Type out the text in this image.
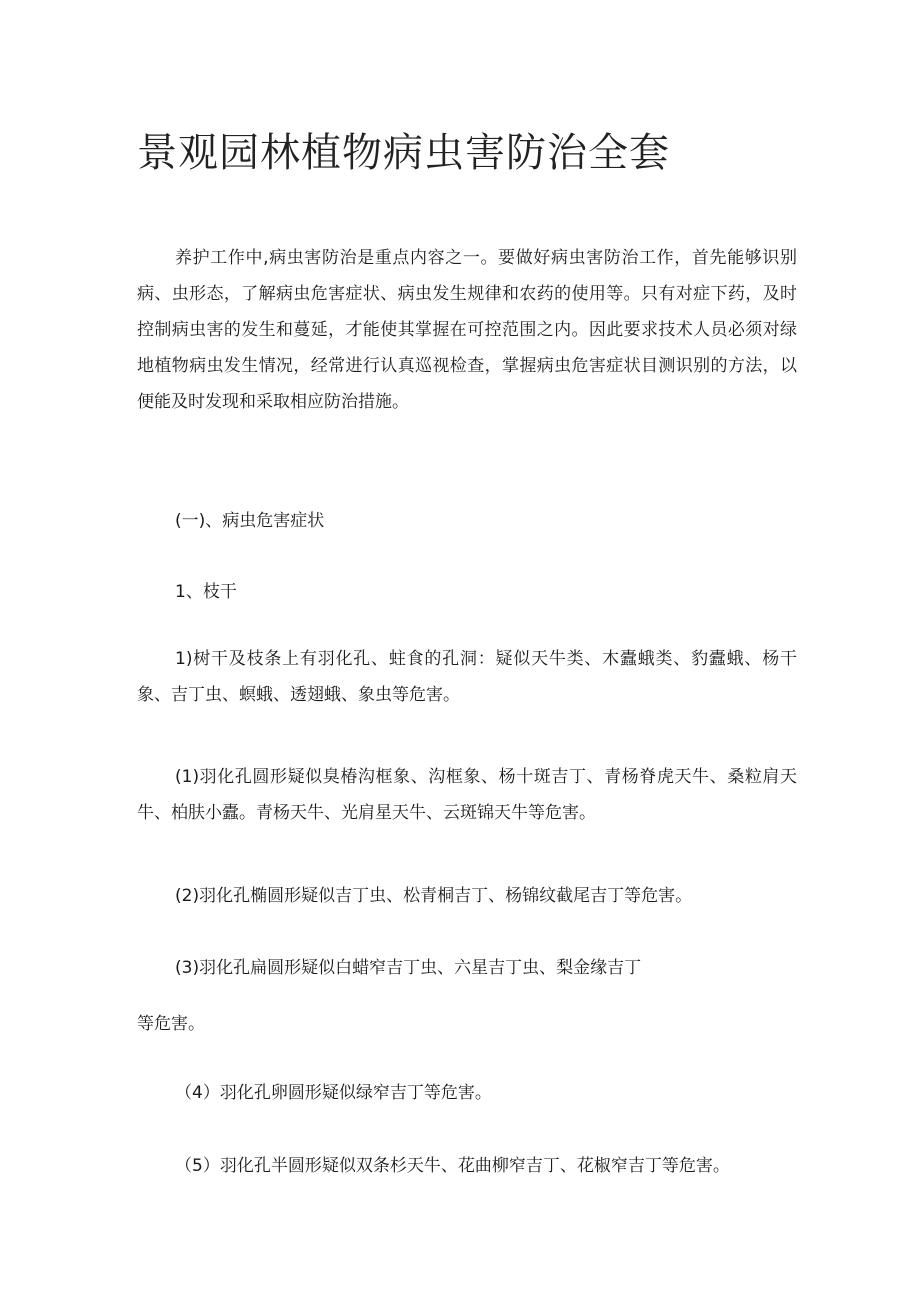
景观园林植物病虫害防治全套

养护工作中,病虫害防治是重点内容之一。要做好病虫害防治工作，首先能够识别病、虫形态，了解病虫危害症状、病虫发生规律和农药的使用等。只有对症下药，及时控制病虫害的发生和蔓延，才能使其掌握在可控范围之内。因此要求技术人员必须对绿地植物病虫发生情况，经常进行认真巡视检查，掌握病虫危害症状目测识别的方法，以便能及时发现和采取相应防治措施。

(一)、病虫危害症状

1、枝干

1)树干及枝条上有羽化孔、蛀食的孔洞：疑似天牛类、木蠹蛾类、豹蠹蛾、杨干象、吉丁虫、螟蛾、透翅蛾、象虫等危害。

(1)羽化孔圆形疑似臭椿沟框象、沟框象、杨十斑吉丁、青杨脊虎天牛、桑粒肩天牛、柏肤小蠹。青杨天牛、光肩星天牛、云斑锦天牛等危害。

(2)羽化孔椭圆形疑似吉丁虫、松青桐吉丁、杨锦纹截尾吉丁等危害。

(3)羽化孔扁圆形疑似白蜡窄吉丁虫、六星吉丁虫、梨金缘吉丁

等危害。

（4）羽化孔卵圆形疑似绿窄吉丁等危害。

（5）羽化孔半圆形疑似双条杉天牛、花曲柳窄吉丁、花椒窄吉丁等危害。
